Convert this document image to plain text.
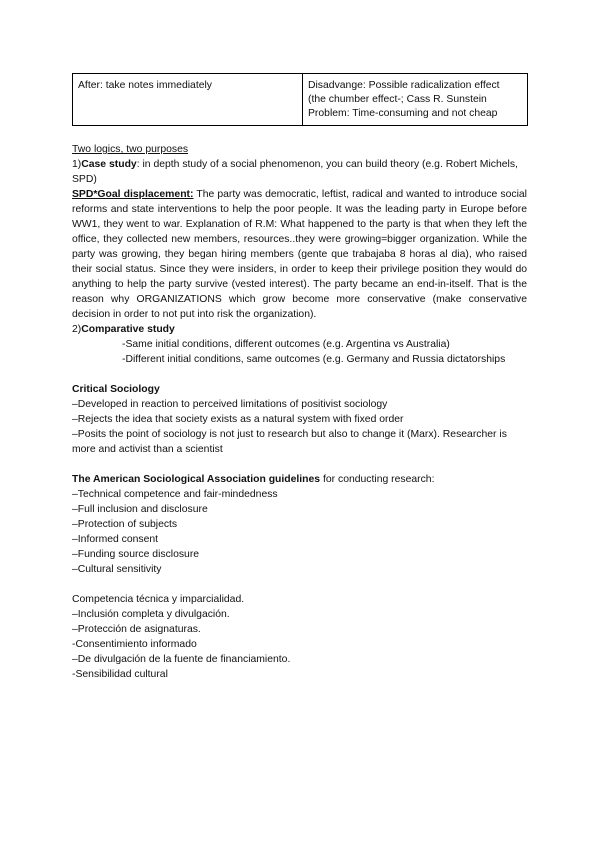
After: take notes immediately	Disadvange: Possible radicalization effect
(the chumber effect-; Cass R. Sunstein
Problem: Time-consuming and not cheap

Two logics, two purposes

1)Case study: in depth study of a social phenomenon, you can build theory (e.g. Robert Michels, SPD)

SPD*Goal displacement: The party was democratic, leftist, radical and wanted to introduce social reforms and state interventions to help the poor people. It was the leading party in Europe before WW1, they went to war. Explanation of R.M: What happened to the party is that when they left the office, they collected new members, resources..they were growing=bigger organization. While the party was growing, they began hiring members (gente que trabajaba 8 horas al dia), who raised their social status. Since they were insiders, in order to keep their privilege position they would do anything to help the party survive (vested interest). The party became an end-in-itself. That is the reason why ORGANIZATIONS which grow become more conservative (make conservative decision in order to not put into risk the organization).

2)Comparative study

-Same initial conditions, different outcomes (e.g. Argentina vs Australia)

-Different initial conditions, same outcomes (e.g. Germany and Russia dictatorships

Critical Sociology

–Developed in reaction to perceived limitations of positivist sociology

–Rejects the idea that society exists as a natural system with fixed order

–Posits the point of sociology is not just to research but also to change it (Marx). Researcher is more and activist than a scientist

The American Sociological Association guidelines for conducting research:

–Technical competence and fair-mindedness

–Full inclusion and disclosure

–Protection of subjects

–Informed consent

–Funding source disclosure

–Cultural sensitivity

Competencia técnica y imparcialidad.

–Inclusión completa y divulgación.

–Protección de asignaturas.

-Consentimiento informado

–De divulgación de la fuente de financiamiento.

-Sensibilidad cultural
